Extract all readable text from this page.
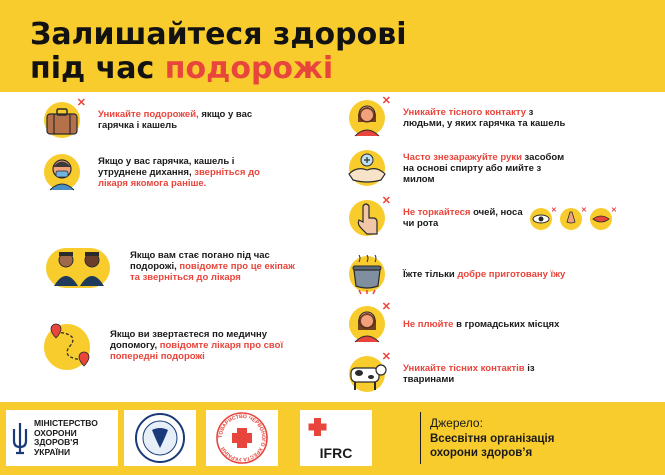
Залишайтеся здорові
під час подорожі
✕
Уникайте подорожей, якщо у вас гарячка і кашель
Якщо у вас гарячка, кашель і утруднене дихання, зверніться до лікаря якомога раніше.
Якщо вам стає погано під час подорожі, повідомте про це екіпаж та зверніться до лікаря
Якщо ви звертаєтеся по медичну допомогу, повідомте лікаря про свої попередні подорожі
✕
Уникайте тісного контакту з людьми, у яких гарячка та кашель
Часто знезаражуйте руки засобом на основі спирту або мийте з милом
✕
Не торкайтеся очей, носа чи рота
✕	✕	✕
Їжте тільки добре приготовану їжу
✕
Не плюйте в громадських місцях
✕
Уникайте тісних контактів із тваринами
МІНІСТЕРСТВО
ОХОРОНИ
ЗДОРОВ'Я
УКРАЇНИ
ТОВАРИСТВО ЧЕРВОНОГО ХРЕСТА УКРАЇНИ	IFRC
Джерело:
Всесвітня організація
охорони здоров’я
